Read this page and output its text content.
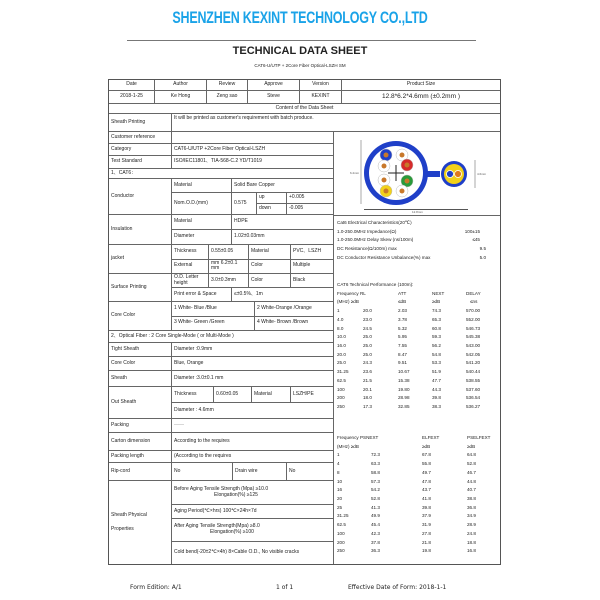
SHENZHEN KEXINT TECHNOLOGY CO.,LTD
TECHNICAL DATA SHEET
CAT6-U/UTP + 2Core Fiber Optical-LSZH SM
Date	Author	Review	Approve	Version	Product Size
2018-1-25	Ke Hong	Zeng sao	Steve	KEXINT	12.8*6.2*4.6mm (±0.2mm )
Content of the Data Sheet
Sheath Printing
It will be printed as customer's requirement with batch produce.
Customer reference
Category	CAT6-U/UTP +2Core Fiber Optical-LSZH
Test Standard	ISO/IEC11801、TIA-568-C.2 YD/T1019
1、CAT6：
Conductor
Material	Solid Bare Copper
Nom.O.D.(mm)	0.575
up	+0.005
down	-0.005
Insulation
Material	HDPE
Diameter	1.02±0.03mm
jacket
Thickness	0.55±0.05	Material	PVC、LSZH
External	mm 6.2±0.1 mm	Color	Multiple
Surface Printing
O.D. Letter height	3.0±0.3mm	Color	Black
Print error & Space	≤±0.5%、1m
Core Color
1 White- Blue /Blue	2 White-Orange /Orange
3 White- Green /Green	4 White- Brown /Brown
2、Optical Fiber : 2 Core Single-Mode ( or Multi-Mode )
Tight Sheath	Diameter :0.9mm
Core Color	Blue, Orange
Sheath	Diameter :3.0±0.1 mm
Out Sheath
Thickness	0.60±0.05	Material	LSZH/PE
Diameter : 4.6mm
Packing	——
Carton dimension	According to the requires
Packing length	(According to the requires
Rip-cord	No	Drain wire	No
Sheath Physical
Properties
Before Aging Tensile Strength (Mpa) ≥10.0
Elongation(%) ≥125
Aging Period(℃×hrs) 100℃×24h×7d
After Aging Tensile Strength(Mpa) ≥8.0
Elongation(%) ≥100
Cold bend(-20±2℃×4h) 8×Cable O.D., No visible cracks
6.2mm	4.6mm
12.8mm
Cat6 Electrical Characteristics(20℃)
1.0-250.0MHz Impedance(Ω)	100±15
1.0-250.0MHz Delay Skew (ns/100m)	≤45
DC Resistance(Ω/100m) max	9.5
DC Conductor Resistance Unbalance(%) max	5.0
CAT6 Technical Performance (100m):
Frequency RL	ATT	NEXT	DELAY
(MHz) ≥dB	≤dB	≥dB	≤ns
1	20.0	2.03	74.3	570.00
4.0	23.0	3.78	65.3	552.00
8.0	24.5	5.32	60.8	546.73
10.0	25.0	5.95	59.3	545.38
16.0	25.0	7.55	56.2	543.00
20.0	25.0	8.47	54.8	542.05
25.0	24.3	9.51	53.3	541.20
31.25	23.6	10.67	51.9	540.44
62.5	21.5	15.38	47.7	538.55
100	20.1	19.80	44.3	537.60
200	18.0	28.98	39.8	536.54
250	17.3	32.85	38.3	536.27
Frequency PSNEXT	ELFEXT	PSELFEXT
(MHz) ≥dB	≥dB	≥dB
1	72.3	67.8	64.8
4	63.3	55.8	52.8
8	58.8	49.7	46.7
10	57.3	47.8	44.8
16	54.2	43.7	40.7
20	52.8	41.8	38.8
25	41.3	39.8	36.8
31.25	49.9	37.9	34.9
62.5	45.4	31.9	28.9
100	42.3	27.8	24.8
200	37.8	21.8	18.8
250	36.3	19.8	16.8
Form Edition: A/1	1 of 1	Effective Date of Form: 2018-1-1
